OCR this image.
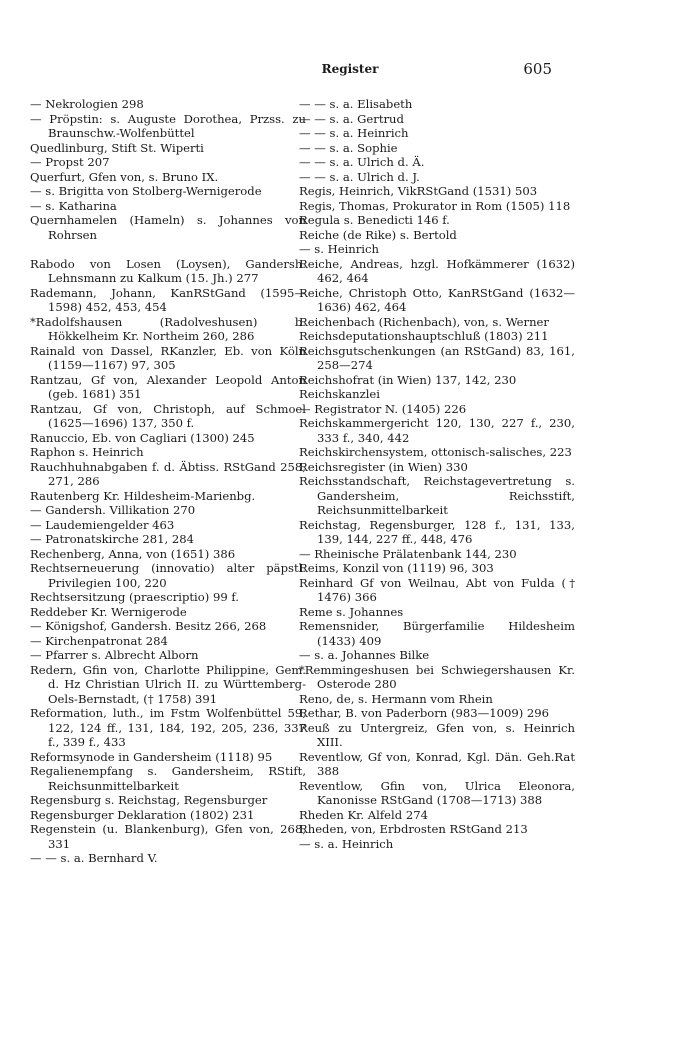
Register	605
— Nekrologien 298
— Pröpstin: s. Auguste Dorothea, Przss. zu Braunschw.-Wolfenbüttel
Quedlinburg, Stift St. Wiperti
— Propst 207
Querfurt, Gfen von, s. Bruno IX.
— s. Brigitta von Stolberg-Wernigerode
— s. Katharina
Quernhamelen (Hameln) s. Johannes von Rohrsen
Rabodo von Losen (Loysen), Gandersh. Lehnsmann zu Kalkum (15. Jh.) 277
Rademann, Johann, KanRStGand (1595—1598) 452, 453, 454
*Radolfshausen (Radolveshusen) b. Hökkelheim Kr. Northeim 260, 286
Rainald von Dassel, RKanzler, Eb. von Köln (1159—1167) 97, 305
Rantzau, Gf von, Alexander Leopold Anton (geb. 1681) 351
Rantzau, Gf von, Christoph, auf Schmoel (1625—1696) 137, 350 f.
Ranuccio, Eb. von Cagliari (1300) 245
Raphon s. Heinrich
Rauchhuhnabgaben f. d. Äbtiss. RStGand 258, 271, 286
Rautenberg Kr. Hildesheim-Marienbg.
— Gandersh. Villikation 270
— Laudemiengelder 463
— Patronatskirche 281, 284
Rechenberg, Anna, von (1651) 386
Rechtserneuerung (innovatio) alter päpstl. Privilegien 100, 220
Rechtsersitzung (praescriptio) 99 f.
Reddeber Kr. Wernigerode
— Königshof, Gandersh. Besitz 266, 268
— Kirchenpatronat 284
— Pfarrer s. Albrecht Alborn
Redern, Gfin von, Charlotte Philippine, Gem. d. Hz Christian Ulrich II. zu Württemberg-Oels-Bernstadt, († 1758) 391
Reformation, luth., im Fstm Wolfenbüttel 59, 122, 124 ff., 131, 184, 192, 205, 236, 337 f., 339 f., 433
Reformsynode in Gandersheim (1118) 95
Regalienempfang s. Gandersheim, RStift, Reichsunmittelbarkeit
Regensburg s. Reichstag, Regensburger
Regensburger Deklaration (1802) 231
Regenstein (u. Blankenburg), Gfen von, 268, 331
— — s. a. Bernhard V.
— — s. a. Elisabeth
— — s. a. Gertrud
— — s. a. Heinrich
— — s. a. Sophie
— — s. a. Ulrich d. Ä.
— — s. a. Ulrich d. J.
Regis, Heinrich, VikRStGand (1531) 503
Regis, Thomas, Prokurator in Rom (1505) 118
Regula s. Benedicti 146 f.
Reiche (de Rike) s. Bertold
— s. Heinrich
Reiche, Andreas, hzgl. Hofkämmerer (1632) 462, 464
Reiche, Christoph Otto, KanRStGand (1632—1636) 462, 464
Reichenbach (Richenbach), von, s. Werner
Reichsdeputationshauptschluß (1803) 211
Reichsgutschenkungen (an RStGand) 83, 161, 258—274
Reichshofrat (in Wien) 137, 142, 230
Reichskanzlei
— Registrator N. (1405) 226
Reichskammergericht 120, 130, 227 f., 230, 333 f., 340, 442
Reichskirchensystem, ottonisch-salisches, 223
Reichsregister (in Wien) 330
Reichsstandschaft, Reichstagevertretung s. Gandersheim, Reichsstift, Reichsunmittelbarkeit
Reichstag, Regensburger, 128 f., 131, 133, 139, 144, 227 ff., 448, 476
— Rheinische Prälatenbank 144, 230
Reims, Konzil von (1119) 96, 303
Reinhard Gf von Weilnau, Abt von Fulda († 1476) 366
Reme s. Johannes
Remensnider, Bürgerfamilie Hildesheim (1433) 409
— s. a. Johannes Bilke
*Remmingeshusen bei Schwiegershausen Kr. Osterode 280
Reno, de, s. Hermann vom Rhein
Rethar, B. von Paderborn (983—1009) 296
Reuß zu Untergreiz, Gfen von, s. Heinrich XIII.
Reventlow, Gf von, Konrad, Kgl. Dän. Geh.Rat 388
Reventlow, Gfin von, Ulrica Eleonora, Kanonisse RStGand (1708—1713) 388
Rheden Kr. Alfeld 274
Rheden, von, Erbdrosten RStGand 213
— s. a. Heinrich
